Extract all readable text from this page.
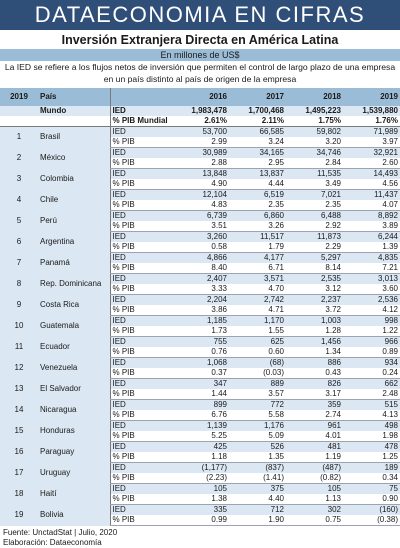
DATAECONOMIA EN CIFRAS
Inversión Extranjera Directa en América Latina
En millones de US$
La IED se refiere a los flujos netos de inversión que permiten el control de largo plazo de una empresa en un país distinto al país de origen de la empresa
2019	País		2016	2017	2018	2019
	Mundo	IED	1,983,478	1,700,468	1,495,223	1,539,880
		% PIB Mundial	2.61%	2.11%	1.75%	1.76%
1	Brasil	IED	53,700	66,585	59,802	71,989
		% PIB	2.99	3.24	3.20	3.97
2	México	IED	30,989	34,165	34,746	32,921
		% PIB	2.88	2.95	2.84	2.60
3	Colombia	IED	13,848	13,837	11,535	14,493
		% PIB	4.90	4.44	3.49	4.56
4	Chile	IED	12,104	6,519	7,021	11,437
		% PIB	4.83	2.35	2.35	4.07
5	Perú	IED	6,739	6,860	6,488	8,892
		% PIB	3.51	3.26	2.92	3.89
6	Argentina	IED	3,260	11,517	11,873	6,244
		% PIB	0.58	1.79	2.29	1.39
7	Panamá	IED	4,866	4,177	5,297	4,835
		% PIB	8.40	6.71	8.14	7.21
8	Rep. Dominicana	IED	2,407	3,571	2,535	3,013
		% PIB	3.33	4.70	3.12	3.60
9	Costa Rica	IED	2,204	2,742	2,237	2,536
		% PIB	3.86	4.71	3.72	4.12
10	Guatemala	IED	1,185	1,170	1,003	998
		% PIB	1.73	1.55	1.28	1.22
11	Ecuador	IED	755	625	1,456	966
		% PIB	0.76	0.60	1.34	0.89
12	Venezuela	IED	1,068	(68)	886	934
		% PIB	0.37	(0.03)	0.43	0.24
13	El Salvador	IED	347	889	826	662
		% PIB	1.44	3.57	3.17	2.48
14	Nicaragua	IED	899	772	359	515
		% PIB	6.76	5.58	2.74	4.13
15	Honduras	IED	1,139	1,176	961	498
		% PIB	5.25	5.09	4.01	1.98
16	Paraguay	IED	425	526	481	478
		% PIB	1.18	1.35	1.19	1.25
17	Uruguay	IED	(1,177)	(837)	(487)	189
		% PIB	(2.23)	(1.41)	(0.82)	0.34
18	Haití	IED	105	375	105	75
		% PIB	1.38	4.40	1.13	0.90
19	Bolivia	IED	335	712	302	(160)
		% PIB	0.99	1.90	0.75	(0.38)
Fuente: UnctadStat | Julio, 2020
Elaboración: Dataeconomía
